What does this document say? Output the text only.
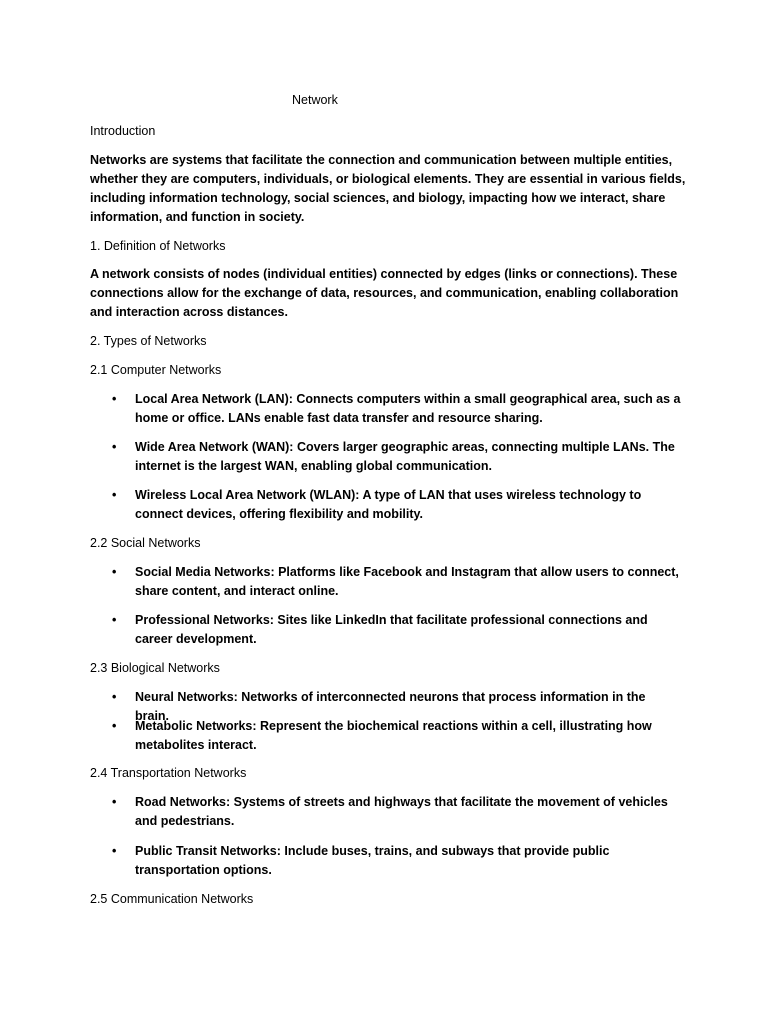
Network
Introduction
Networks are systems that facilitate the connection and communication between multiple entities, whether they are computers, individuals, or biological elements. They are essential in various fields, including information technology, social sciences, and biology, impacting how we interact, share information, and function in society.
1. Definition of Networks
A network consists of nodes (individual entities) connected by edges (links or connections). These connections allow for the exchange of data, resources, and communication, enabling collaboration and interaction across distances.
2. Types of Networks
2.1 Computer Networks
• Local Area Network (LAN): Connects computers within a small geographical area, such as a home or office. LANs enable fast data transfer and resource sharing.
• Wide Area Network (WAN): Covers larger geographic areas, connecting multiple LANs. The internet is the largest WAN, enabling global communication.
• Wireless Local Area Network (WLAN): A type of LAN that uses wireless technology to connect devices, offering flexibility and mobility.
2.2 Social Networks
• Social Media Networks: Platforms like Facebook and Instagram that allow users to connect, share content, and interact online.
• Professional Networks: Sites like LinkedIn that facilitate professional connections and career development.
2.3 Biological Networks
• Neural Networks: Networks of interconnected neurons that process information in the brain.
• Metabolic Networks: Represent the biochemical reactions within a cell, illustrating how metabolites interact.
2.4 Transportation Networks
• Road Networks: Systems of streets and highways that facilitate the movement of vehicles and pedestrians.
• Public Transit Networks: Include buses, trains, and subways that provide public transportation options.
2.5 Communication Networks
